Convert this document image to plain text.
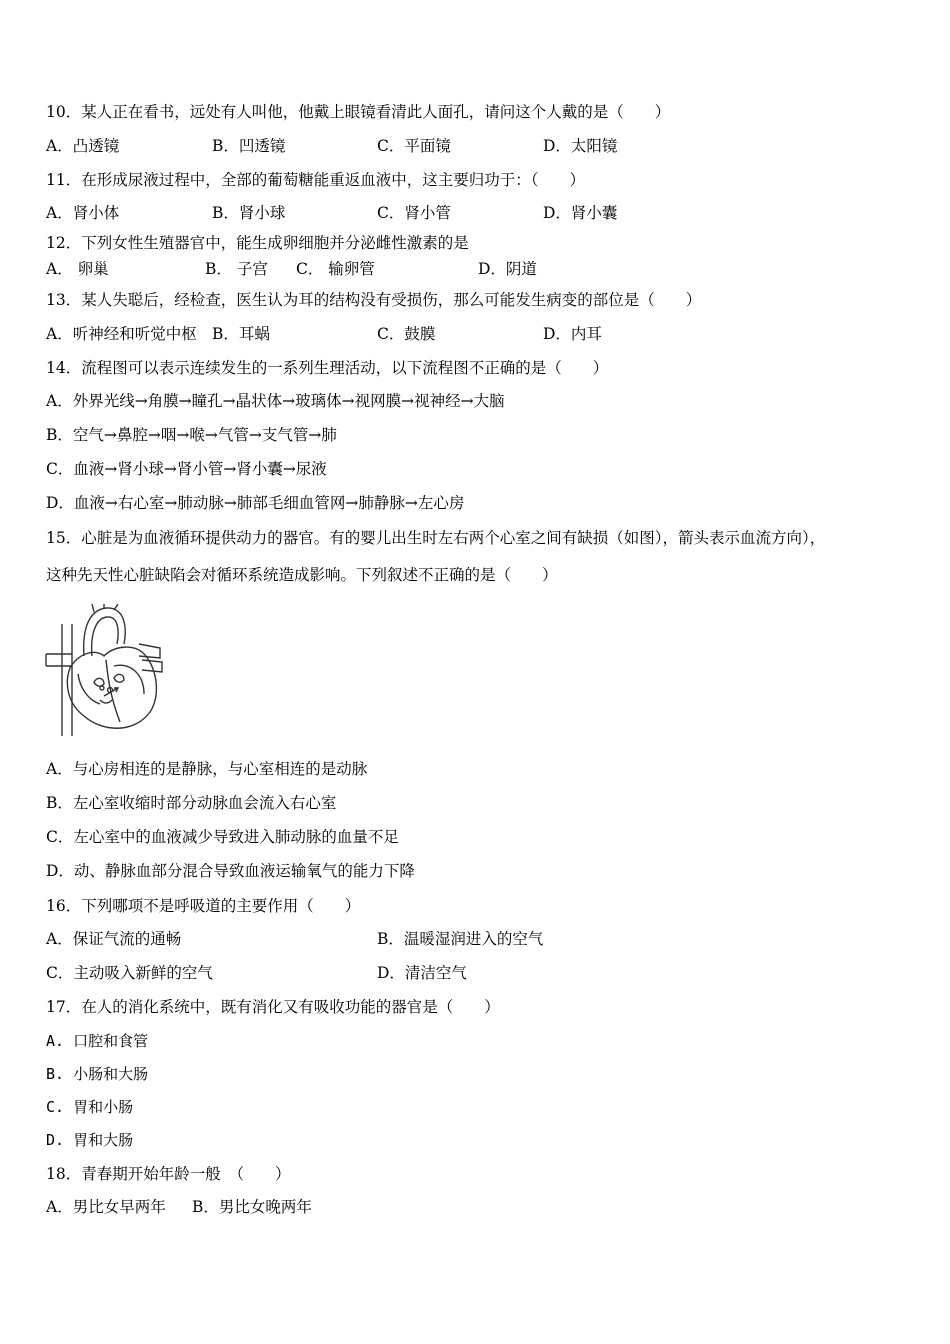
10．某人正在看书，远处有人叫他，他戴上眼镜看清此人面孔，请问这个人戴的是（　　）
A．凸透镜	B．凹透镜	C．平面镜	D．太阳镜
11．在形成尿液过程中，全部的葡萄糖能重返血液中，这主要归功于：（　　）
A．肾小体	B．肾小球	C．肾小管	D．肾小囊
12．下列女性生殖器官中，能生成卵细胞并分泌雌性激素的是
A． 卵巢	B． 子宫 C． 输卵管	D．阴道
13．某人失聪后，经检查，医生认为耳的结构没有受损伤，那么可能发生病变的部位是（　　）
A．听神经和听觉中枢 B．耳蜗	C．鼓膜	D．内耳
14．流程图可以表示连续发生的一系列生理活动，以下流程图不正确的是（　　）
A．外界光线→角膜→瞳孔→晶状体→玻璃体→视网膜→视神经→大脑
B．空气→鼻腔→咽→喉→气管→支气管→肺
C．血液→肾小球→肾小管→肾小囊→尿液
D．血液→右心室→肺动脉→肺部毛细血管网→肺静脉→左心房
15．心脏是为血液循环提供动力的器官。有的婴儿出生时左右两个心室之间有缺损（如图），箭头表示血流方向），
这种先天性心脏缺陷会对循环系统造成影响。下列叙述不正确的是（　　）
A．与心房相连的是静脉，与心室相连的是动脉
B．左心室收缩时部分动脉血会流入右心室
C．左心室中的血液减少导致进入肺动脉的血量不足
D．动、静脉血部分混合导致血液运输氧气的能力下降
16．下列哪项不是呼吸道的主要作用（　　）
A．保证气流的通畅	B．温暖湿润进入的空气
C．主动吸入新鲜的空气	D．清洁空气
17．在人的消化系统中，既有消化又有吸收功能的器官是（　　）
A. 口腔和食管
B. 小肠和大肠
C. 胃和小肠
D. 胃和大肠
18．青春期开始年龄一般　（　　）
A．男比女早两年 B．男比女晚两年
